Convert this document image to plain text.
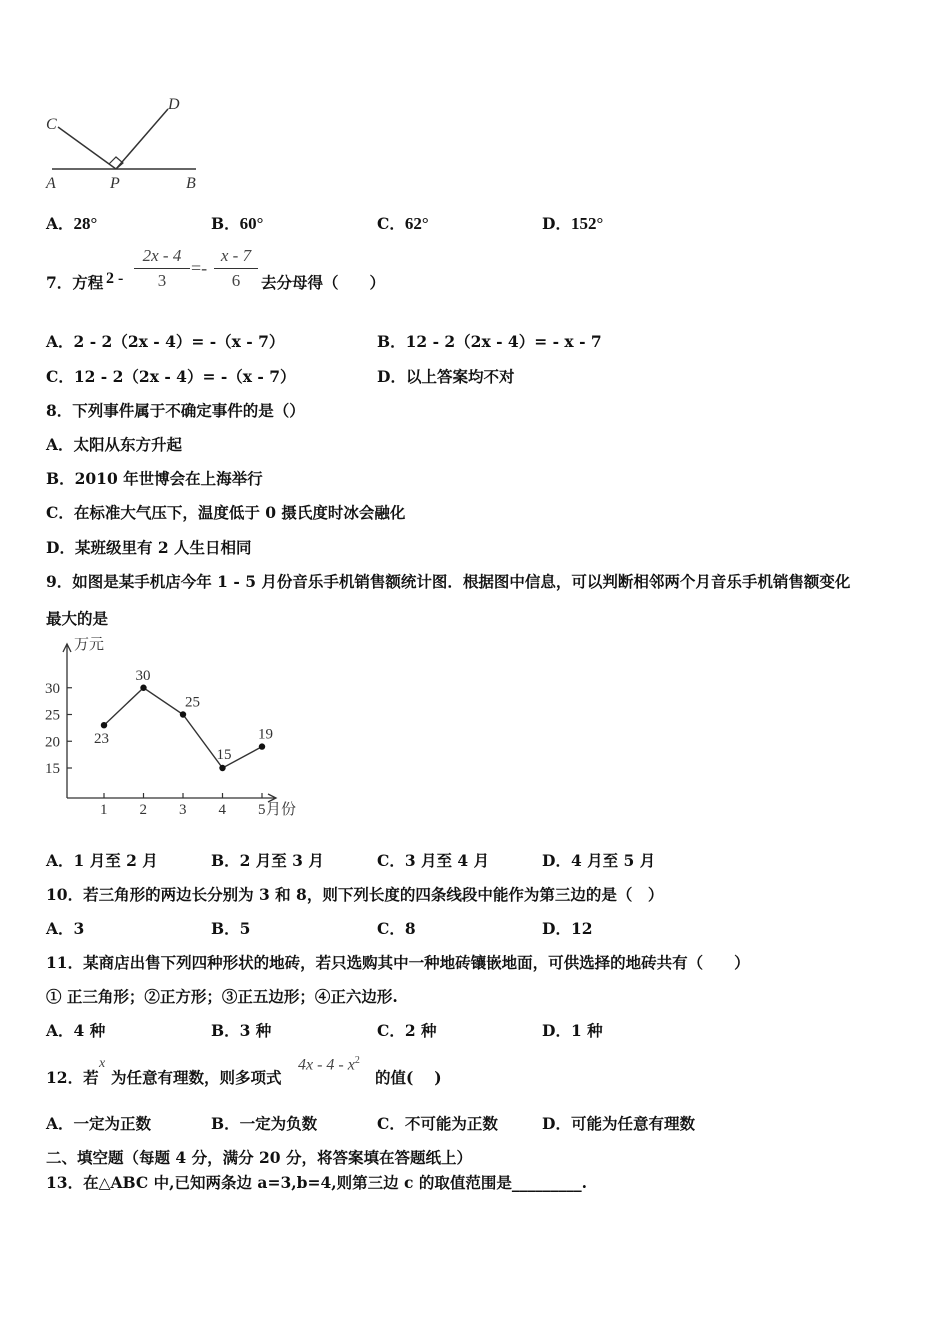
C
D
A	P	B
A．28°	B．60°	C．62°	D．152°
7．方程 2 -
2x - 4
3
=-
x - 7
6	去分母得（　　）
A．2 - 2（2x - 4）= -（x - 7）	B．12 - 2（2x - 4）= - x - 7
C．12 - 2（2x - 4）= -（x - 7）	D．以上答案均不对
8．下列事件属于不确定事件的是（）
A．太阳从东方升起
B．2010 年世博会在上海举行
C．在标准大气压下，温度低于 0 摄氏度时冰会融化
D．某班级里有 2 人生日相同
9．如图是某手机店今年 1 - 5 月份音乐手机销售额统计图．根据图中信息，可以判断相邻两个月音乐手机销售额变化
最大的是
万元
月份
15
20
25
30
1 2 3 4 5
23
30
25
15
19
A．1 月至 2 月	B．2 月至 3 月	C．3 月至 4 月	D．4 月至 5 月
10．若三角形的两边长分别为 3 和 8，则下列长度的四条线段中能作为第三边的是（　）
A．3	B．5	C．8	D．12
11．某商店出售下列四种形状的地砖，若只选购其中一种地砖镶嵌地面，可供选择的地砖共有（　　）
① 正三角形；②正方形；③正五边形；④正六边形.
A．4 种	B．3 种	C．2 种	D．1 种
12．若
x
为任意有理数，则多项式
$4x - 4 - x^2$
的值(　 )
A．一定为正数	B．一定为负数	C．不可能为正数	D．可能为任意有理数
二、填空题（每题 4 分，满分 20 分，将答案填在答题纸上）
13．在△ABC 中,已知两条边 a=3,b=4,则第三边 c 的取值范围是_________.
